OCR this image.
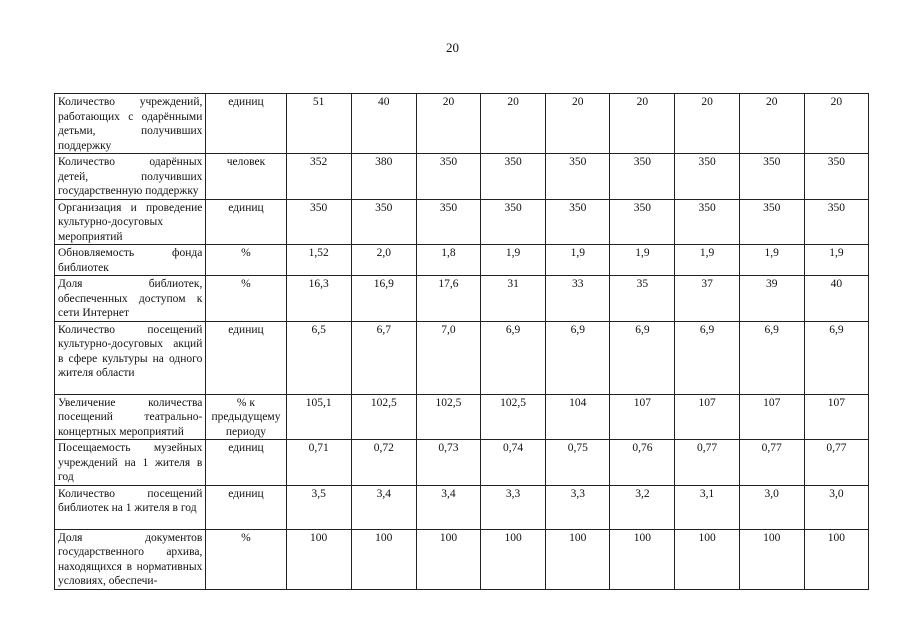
20
Количество учреждений, работающих с одарёнными детьми, получивших поддержку	единиц	51	40	20	20	20	20	20	20	20
Количество одарённых детей, получивших государственную поддержку	человек	352	380	350	350	350	350	350	350	350
Организация и проведение культурно-досуговых мероприятий	единиц	350	350	350	350	350	350	350	350	350
Обновляемость фонда библиотек	%	1,52	2,0	1,8	1,9	1,9	1,9	1,9	1,9	1,9
Доля библиотек, обеспеченных доступом к сети Интернет	%	16,3	16,9	17,6	31	33	35	37	39	40
Количество посещений культурно-досуговых акций в сфере культуры на одного жителя области	единиц	6,5	6,7	7,0	6,9	6,9	6,9	6,9	6,9	6,9
Увеличение количества посещений театрально-концертных мероприятий	% к предыдущему периоду	105,1	102,5	102,5	102,5	104	107	107	107	107
Посещаемость музейных учреждений на 1 жителя в год	единиц	0,71	0,72	0,73	0,74	0,75	0,76	0,77	0,77	0,77
Количество посещений библиотек на 1 жителя в год	единиц	3,5	3,4	3,4	3,3	3,3	3,2	3,1	3,0	3,0
Доля документов государственного архива, находящихся в нормативных условиях, обеспечи-	%	100	100	100	100	100	100	100	100	100
